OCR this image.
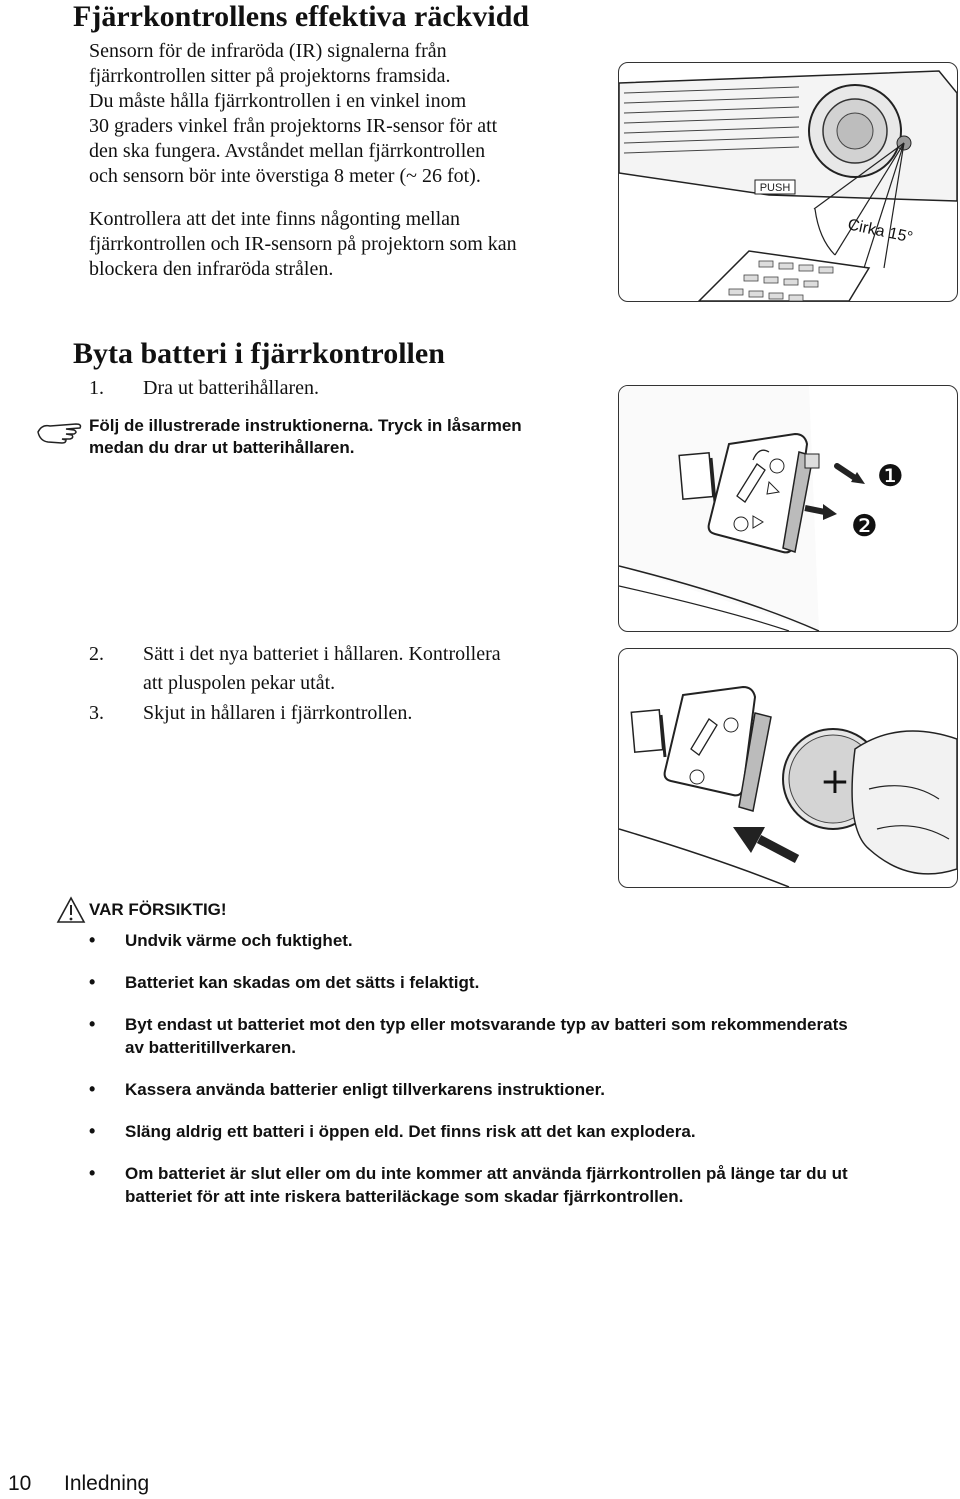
Fjärrkontrollens effektiva räckvidd

Sensorn för de infraröda (IR) signalerna från

fjärrkontrollen sitter på projektorns framsida.

Du måste hålla fjärrkontrollen i en vinkel inom

30 graders vinkel från projektorns IR-sensor för att

den ska fungera. Avståndet mellan fjärrkontrollen

och sensorn bör inte överstiga 8 meter (~ 26 fot).

Kontrollera att det inte finns någonting mellan

fjärrkontrollen och IR-sensorn på projektorn som kan

blockera den infraröda strålen.

PUSH
Cirka 15°
Byta batteri i fjärrkontrollen
1.	Dra ut batterihållaren.
Följ de illustrerade instruktionerna. Tryck in låsarmen
medan du drar ut batterihållaren.
❶
❷
2.	Sätt i det nya batteriet i hållaren. Kontrollera
att pluspolen pekar utåt.
3.	Skjut in hållaren i fjärrkontrollen.
+
VAR FÖRSIKTIG!
• Undvik värme och fuktighet.
• Batteriet kan skadas om det sätts i felaktigt.
• Byt endast ut batteriet mot den typ eller motsvarande typ av batteri som rekommenderats
av batteritillverkaren.
• Kassera använda batterier enligt tillverkarens instruktioner.
• Släng aldrig ett batteri i öppen eld. Det finns risk att det kan explodera.
• Om batteriet är slut eller om du inte kommer att använda fjärrkontrollen på länge tar du ut
batteriet för att inte riskera batteriläckage som skadar fjärrkontrollen.
10 Inledning
